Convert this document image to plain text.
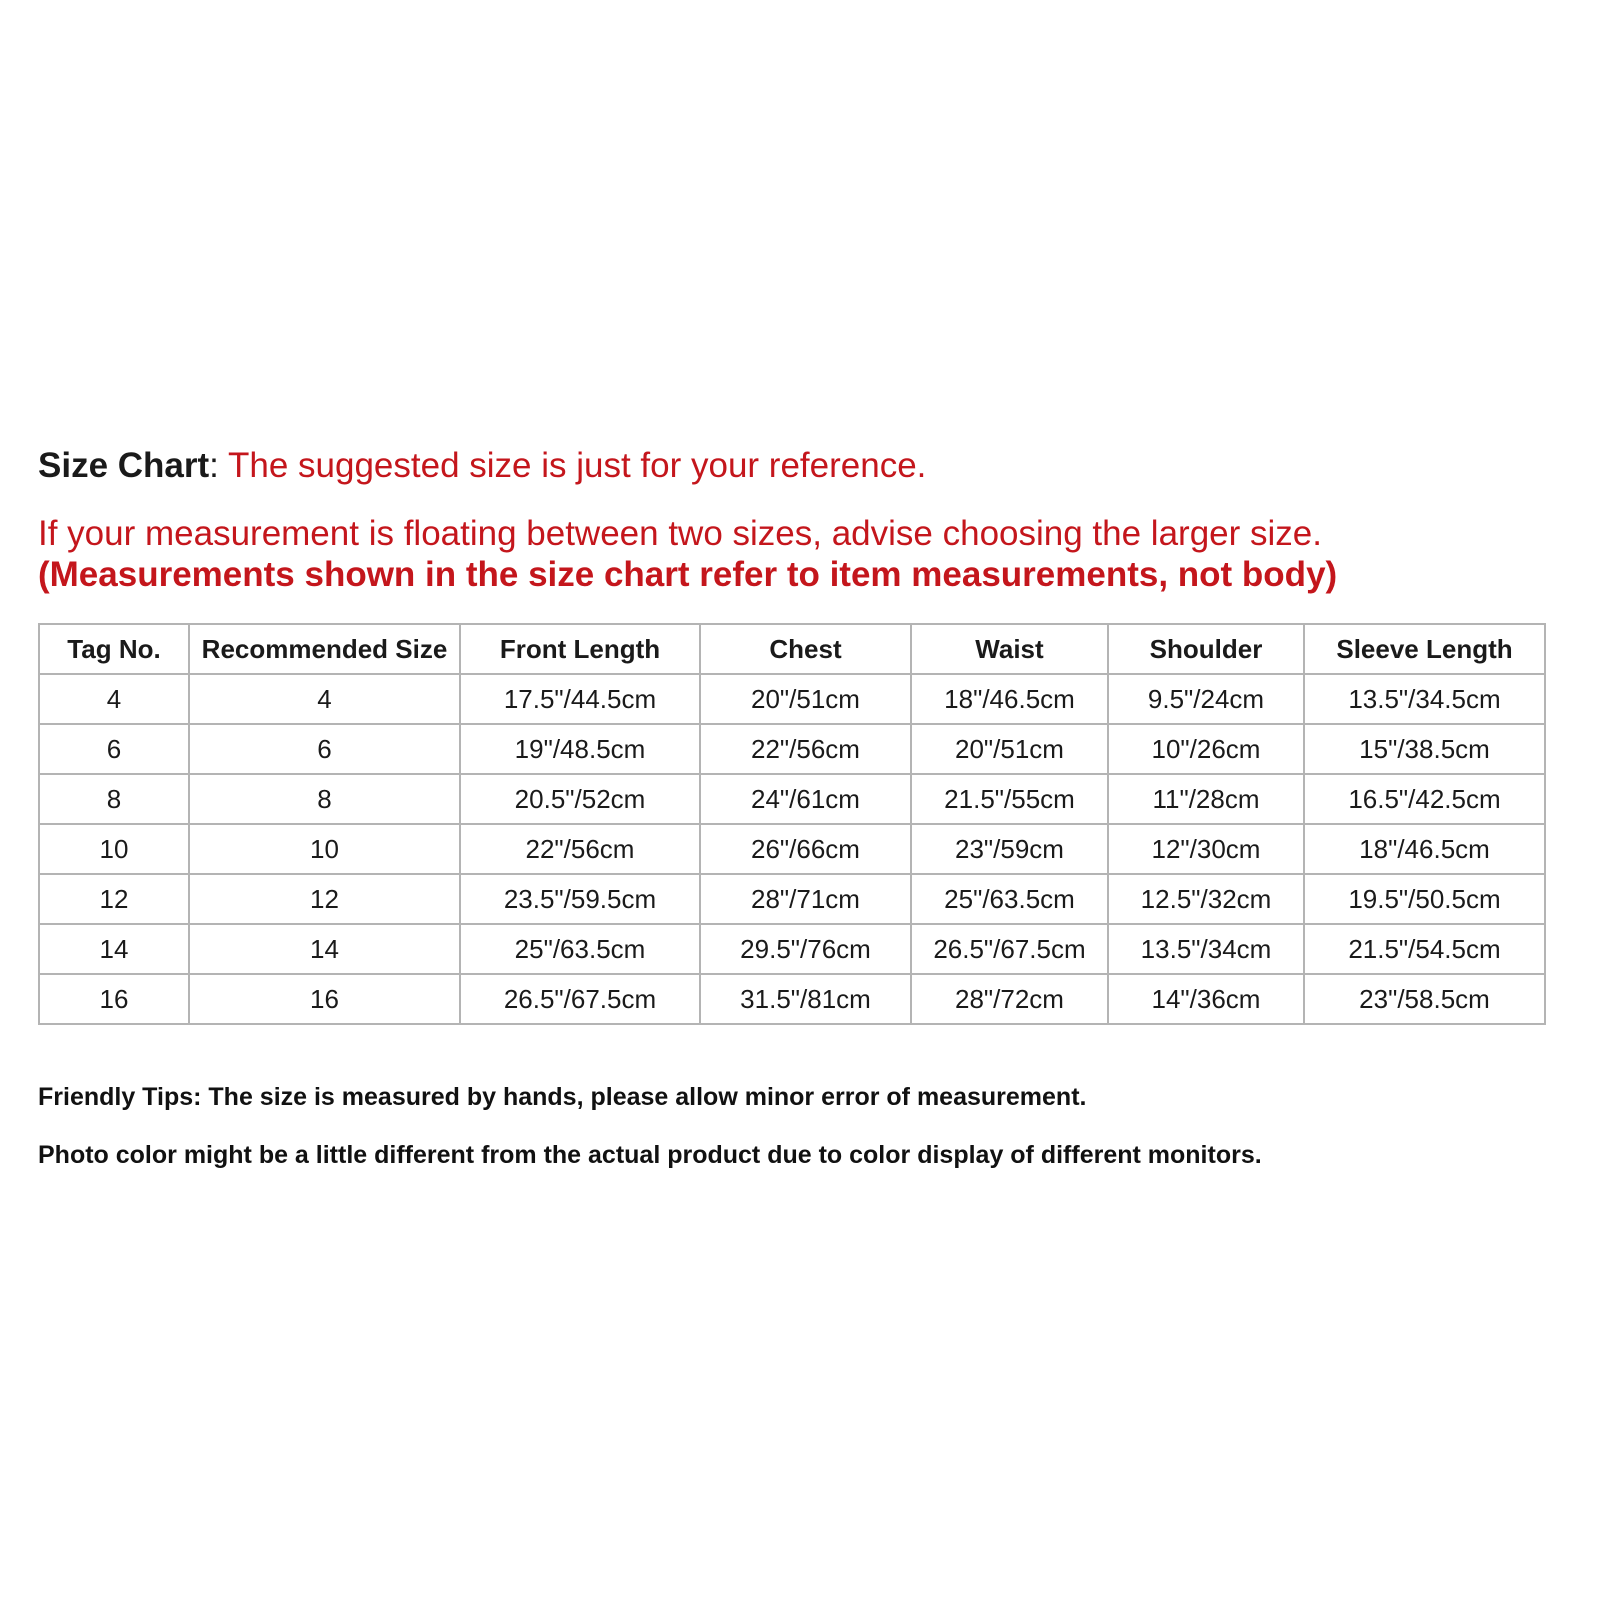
Size Chart: The suggested size is just for your reference.
If your measurement is floating between two sizes, advise choosing the larger size.
(Measurements shown in the size chart refer to item measurements, not body)
Tag No.	Recommended Size	Front Length	Chest	Waist	Shoulder	Sleeve Length
4	4	17.5"/44.5cm	20"/51cm	18"/46.5cm	9.5"/24cm	13.5"/34.5cm
6	6	19"/48.5cm	22"/56cm	20"/51cm	10"/26cm	15"/38.5cm
8	8	20.5"/52cm	24"/61cm	21.5"/55cm	11"/28cm	16.5"/42.5cm
10	10	22"/56cm	26"/66cm	23"/59cm	12"/30cm	18"/46.5cm
12	12	23.5"/59.5cm	28"/71cm	25"/63.5cm	12.5"/32cm	19.5"/50.5cm
14	14	25"/63.5cm	29.5"/76cm	26.5"/67.5cm	13.5"/34cm	21.5"/54.5cm
16	16	26.5"/67.5cm	31.5"/81cm	28"/72cm	14"/36cm	23"/58.5cm
Friendly Tips: The size is measured by hands, please allow minor error of measurement.
Photo color might be a little different from the actual product due to color display of different monitors.
